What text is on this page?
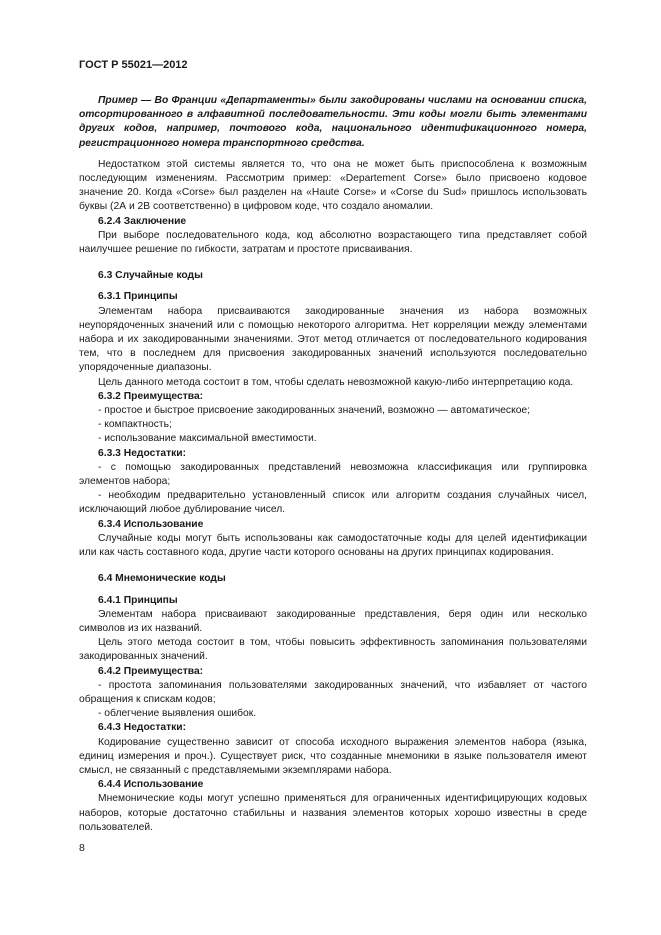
ГОСТ Р 55021—2012

Пример — Во Франции «Департаменты» были закодированы числами на основании списка, отсортированного в алфавитной последовательности. Эти коды могли быть элементами других кодов, например, почтового кода, национального идентификационного номера, регистрационного номера транспортного средства.

Недостатком этой системы является то, что она не может быть приспособлена к возможным последующим изменениям. Рассмотрим пример: «Departement Corse» было присвоено кодовое значение 20. Когда «Corse» был разделен на «Haute Corse» и «Corse du Sud» пришлось использовать буквы (2А и 2В соответственно) в цифровом коде, что создало аномалии.

6.2.4 Заключение

При выборе последовательного кода, код абсолютно возрастающего типа представляет собой наилучшее решение по гибкости, затратам и простоте присваивания.

6.3 Случайные коды

6.3.1 Принципы

Элементам набора присваиваются закодированные значения из набора возможных неупорядоченных значений или с помощью некоторого алгоритма. Нет корреляции между элементами набора и их закодированными значениями. Этот метод отличается от последовательного кодирования тем, что в последнем для присвоения закодированных значений используются последовательно упорядоченные диапазоны.

Цель данного метода состоит в том, чтобы сделать невозможной какую-либо интерпретацию кода.

6.3.2 Преимущества:

- простое и быстрое присвоение закодированных значений, возможно — автоматическое;

- компактность;

- использование максимальной вместимости.

6.3.3 Недостатки:

- с помощью закодированных представлений невозможна классификация или группировка элементов набора;

- необходим предварительно установленный список или алгоритм создания случайных чисел, исключающий любое дублирование чисел.

6.3.4 Использование

Случайные коды могут быть использованы как самодостаточные коды для целей идентификации или как часть составного кода, другие части которого основаны на других принципах кодирования.

6.4 Мнемонические коды

6.4.1 Принципы

Элементам набора присваивают закодированные представления, беря один или несколько символов из их названий.

Цель этого метода состоит в том, чтобы повысить эффективность запоминания пользователями закодированных значений.

6.4.2 Преимущества:

- простота запоминания пользователями закодированных значений, что избавляет от частого обращения к спискам кодов;

- облегчение выявления ошибок.

6.4.3 Недостатки:

Кодирование существенно зависит от способа исходного выражения элементов набора (языка, единиц измерения и проч.). Существует риск, что созданные мнемоники в языке пользователя имеют смысл, не связанный с представляемыми экземплярами набора.

6.4.4 Использование

Мнемонические коды могут успешно применяться для ограниченных идентифицирующих кодовых наборов, которые достаточно стабильны и названия элементов которых хорошо известны в среде пользователей.

8
